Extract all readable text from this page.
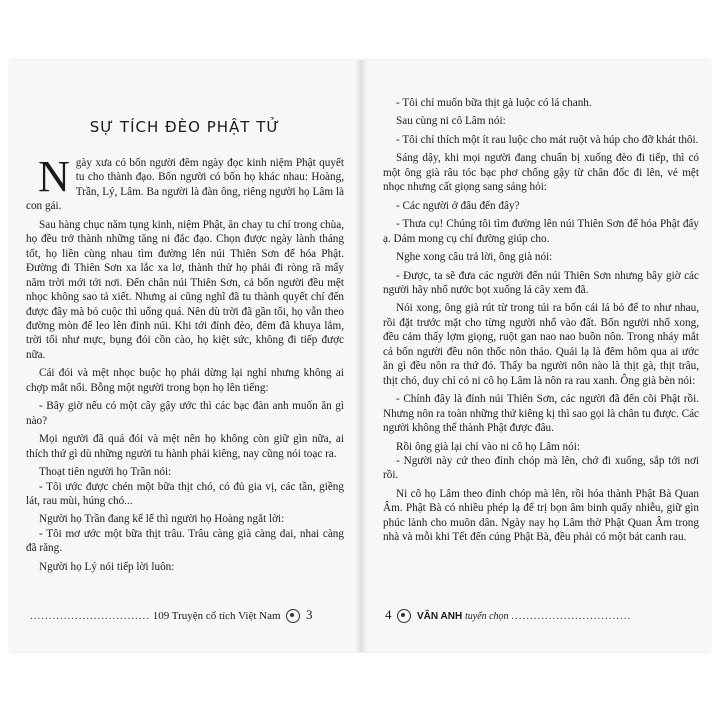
SỰ TÍCH ĐÈO PHẬT TỬ

N gày xưa có bốn người đêm ngày đọc kinh niệm Phật quyết tu cho thành đạo. Bốn người có bốn họ khác nhau: Hoàng, Trần, Lý, Lâm. Ba người là đàn ông, riêng người họ Lâm là con gái.

Sau hàng chục năm tụng kinh, niệm Phật, ăn chay tu chí trong chùa, họ đều trở thành những tăng ni đắc đạo. Chọn được ngày lành tháng tốt, họ liền cùng nhau tìm đường lên núi Thiên Sơn để hóa Phật. Đường đi Thiên Sơn xa lắc xa lơ, thành thử họ phải đi ròng rã mấy năm trời mới tới nơi. Đến chân núi Thiên Sơn, cả bốn người đều mệt nhọc không sao tả xiết. Nhưng ai cũng nghĩ đã tu thành quyết chí đến được đây mà bỏ cuộc thì uổng quá. Nên dù trời đã gần tối, họ vẫn theo đường mòn để leo lên đỉnh núi. Khi tới đỉnh đèo, đêm đã khuya lắm, trời tối như mực, bụng đói cồn cào, họ kiệt sức, không đi tiếp được nữa.

Cái đói và mệt nhọc buộc họ phải dừng lại nghỉ nhưng không ai chợp mắt nổi. Bỗng một người trong bọn họ lên tiếng:

- Bây giờ nếu có một cây gậy ước thì các bạc đàn anh muốn ăn gì nào?

Mọi người đã quá đói và mệt nên họ không còn giữ gìn nữa, ai thích thứ gì dù những người tu hành phải kiêng, nay cũng nói toạc ra.

Thoạt tiên người họ Trần nói:

- Tôi ước được chén một bữa thịt chó, có đủ gia vị, các tần, giềng lát, rau mùi, húng chó...

Người họ Trần đang kể lể thì người họ Hoàng ngắt lời:

- Tôi mơ ước một bữa thịt trâu. Trâu càng già càng dai, nhai càng đã răng.

Người họ Lý nói tiếp lời luôn:

................................ 109 Truyện cổ tích Việt Nam 3

- Tôi chỉ muốn bữa thịt gà luộc có lá chanh.

Sau cùng ni cô Lâm nói:

- Tôi chỉ thích một ít rau luộc cho mát ruột và húp cho đỡ khát thôi.

Sáng dậy, khi mọi người đang chuẩn bị xuống đèo đi tiếp, thì có một ông già râu tóc bạc phơ chống gậy từ chân đốc đi lên, vẻ mệt nhọc nhưng cất giọng sang sảng hỏi:

- Các người ở đâu đến đây?

- Thưa cụ! Chúng tôi tìm đường lên núi Thiên Sơn để hóa Phật đấy ạ. Dám mong cụ chỉ đường giúp cho.

Nghe xong câu trả lời, ông già nói:

- Được, ta sẽ đưa các người đến núi Thiên Sơn nhưng bây giờ các người hãy nhổ nước bọt xuống lá cây xem đã.

Nói xong, ông già rút từ trong túi ra bốn cái lá bỏ để to như nhau, rồi đặt trước mặt cho từng người nhổ vào đất. Bốn người nhổ xong, đều cảm thấy lợm giọng, ruột gan nao nao buồn nôn. Trong nháy mắt cả bốn người đều nôn thốc nôn tháo. Quái lạ là đêm hôm qua ai ước ăn gì đều nôn ra thứ đó. Thấy ba người nôn nào là thịt gà, thịt trâu, thịt chó, duy chỉ có ni cô họ Lâm là nôn ra rau xanh. Ông già bèn nói:

- Chính đây là đỉnh núi Thiên Sơn, các người đã đến cõi Phật rồi. Nhưng nôn ra toàn những thứ kiêng kị thì sao gọi là chân tu được. Các người không thể thành Phật được đâu.

Rồi ông già lại chỉ vào ni cô họ Lâm nói:

- Người này cứ theo đỉnh chóp mà lên, chớ đi xuống, sắp tới nơi rồi.

Ni cô họ Lâm theo đỉnh chóp mà lên, rồi hóa thành Phật Bà Quan Âm. Phật Bà có nhiều phép lạ để trị bọn âm binh quấy nhiễu, giữ gìn phúc lành cho muôn dân. Ngày nay họ Lâm thờ Phật Quan Âm trong nhà và mỗi khi Tết đến cúng Phật Bà, đều phải có một bát canh rau.

4	VÂN ANH tuyển chọn ................................
